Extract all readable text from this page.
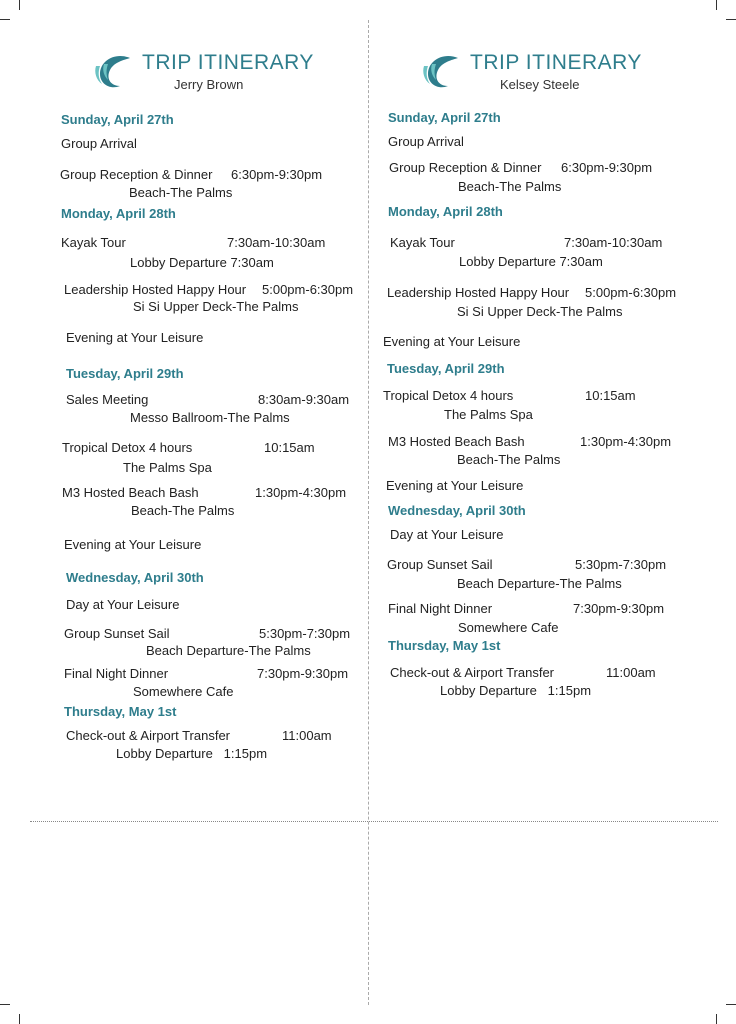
TRIP ITINERARY
Jerry Brown
Sunday, April 27th
Group Arrival
Group Reception & Dinner 6:30pm-9:30pm
Beach-The Palms
Monday, April 28th
Kayak Tour	7:30am-10:30am
Lobby Departure 7:30am
Leadership Hosted Happy Hour 5:00pm-6:30pm
Si Si Upper Deck-The Palms
Evening at Your Leisure
Tuesday, April 29th
Sales Meeting	8:30am-9:30am
Messo Ballroom-The Palms
Tropical Detox 4 hours	10:15am
The Palms Spa
M3 Hosted Beach Bash	1:30pm-4:30pm
Beach-The Palms
Evening at Your Leisure
Wednesday, April 30th
Day at Your Leisure
Group Sunset Sail	5:30pm-7:30pm
Beach Departure-The Palms
Final Night Dinner	7:30pm-9:30pm
Somewhere Cafe
Thursday, May 1st
Check-out & Airport Transfer	11:00am
Lobby Departure   1:15pm
TRIP ITINERARY
Kelsey Steele
Sunday, April 27th
Group Arrival
Group Reception & Dinner 6:30pm-9:30pm
Beach-The Palms
Monday, April 28th
Kayak Tour	7:30am-10:30am
Lobby Departure 7:30am
Leadership Hosted Happy Hour 5:00pm-6:30pm
Si Si Upper Deck-The Palms
Evening at Your Leisure
Tuesday, April 29th
Tropical Detox 4 hours	10:15am
The Palms Spa
M3 Hosted Beach Bash	1:30pm-4:30pm
Beach-The Palms
Evening at Your Leisure
Wednesday, April 30th
Day at Your Leisure
Group Sunset Sail	5:30pm-7:30pm
Beach Departure-The Palms
Final Night Dinner	7:30pm-9:30pm
Somewhere Cafe
Thursday, May 1st
Check-out & Airport Transfer	11:00am
Lobby Departure   1:15pm
